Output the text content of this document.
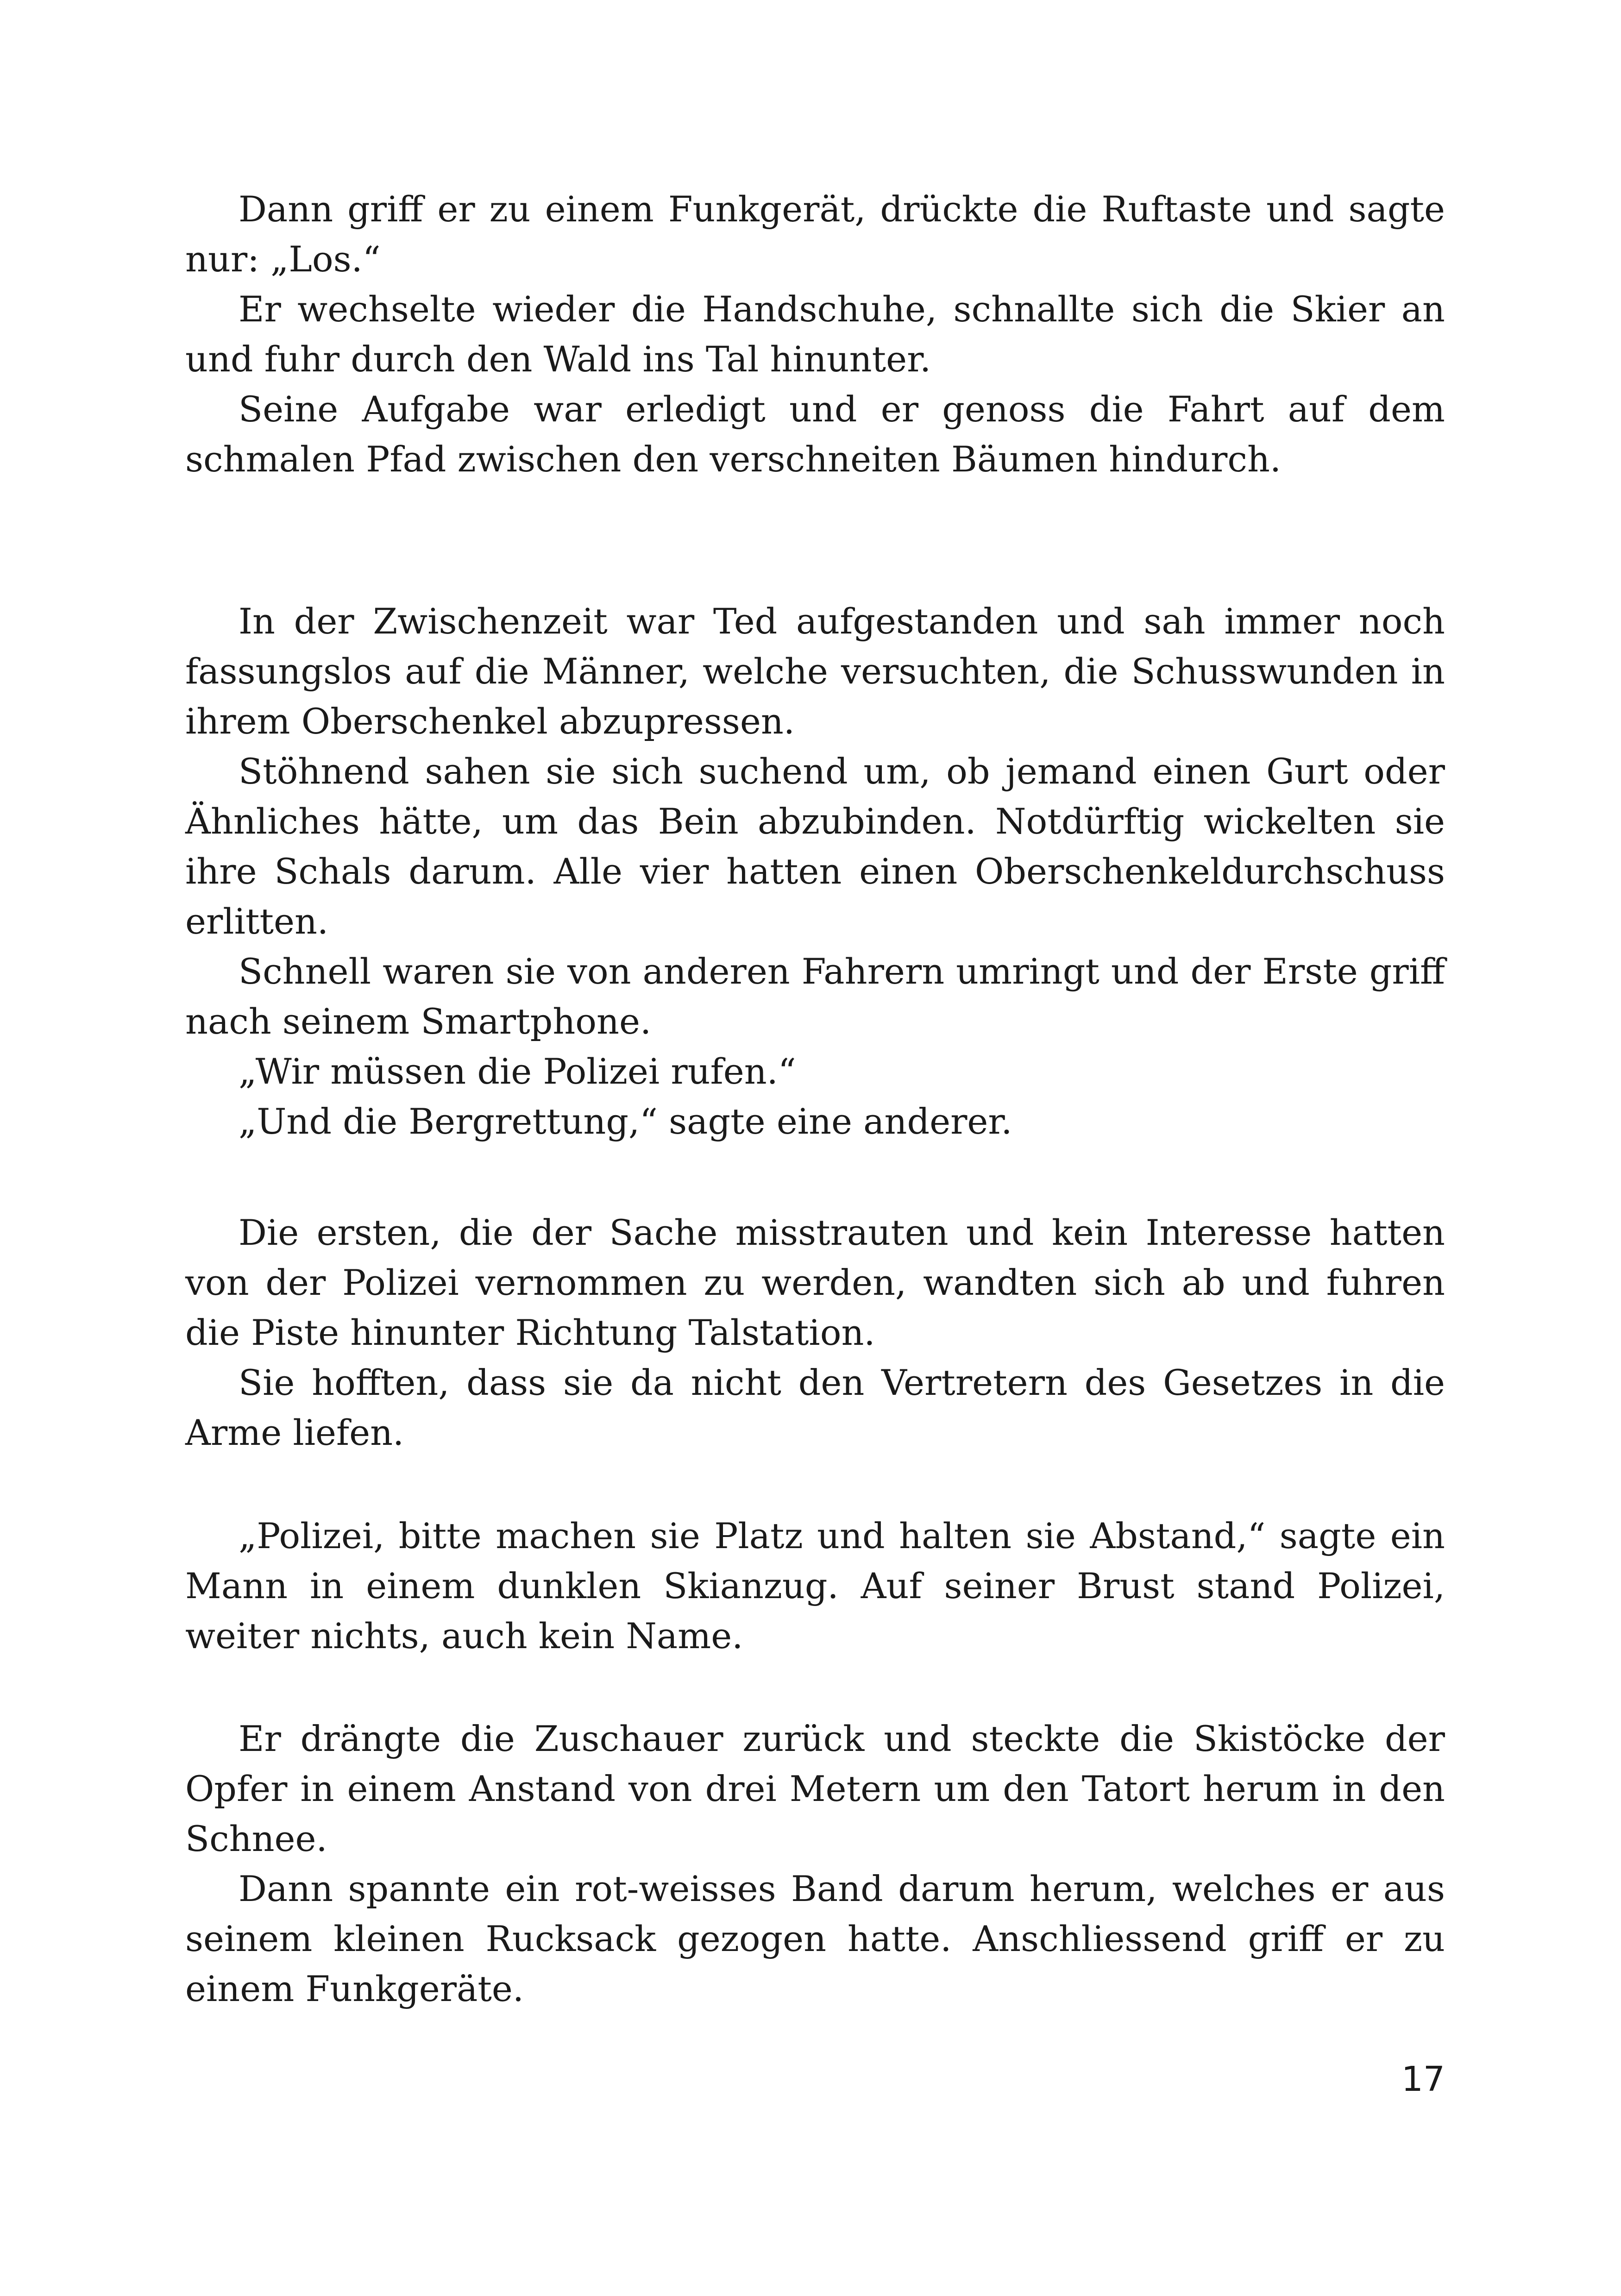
Dann griff er zu einem Funkgerät, drückte die Ruftaste und sagte nur: „Los.“

Er wechselte wieder die Handschuhe, schnallte sich die Skier an und fuhr durch den Wald ins Tal hinunter.

Seine Aufgabe war erledigt und er genoss die Fahrt auf dem schmalen Pfad zwischen den verschneiten Bäumen hindurch.

In der Zwischenzeit war Ted aufgestanden und sah immer noch fassungslos auf die Männer, welche versuchten, die Schusswunden in ihrem Oberschenkel abzupressen.

Stöhnend sahen sie sich suchend um, ob jemand einen Gurt oder Ähnliches hätte, um das Bein abzubinden. Notdürftig wickelten sie ihre Schals darum. Alle vier hatten einen Oberschenkeldurchschuss erlitten.

Schnell waren sie von anderen Fahrern umringt und der Erste griff nach seinem Smartphone.

„Wir müssen die Polizei rufen.“

„Und die Bergrettung,“ sagte eine anderer.

Die ersten, die der Sache misstrauten und kein Interesse hatten von der Polizei vernommen zu werden, wandten sich ab und fuhren die Piste hinunter Richtung Talstation.

Sie hofften, dass sie da nicht den Vertretern des Gesetzes in die Arme liefen.

„Polizei, bitte machen sie Platz und halten sie Abstand,“ sagte ein Mann in einem dunklen Skianzug. Auf seiner Brust stand Polizei, weiter nichts, auch kein Name.

Er drängte die Zuschauer zurück und steckte die Skistöcke der Opfer in einem Anstand von drei Metern um den Tatort herum in den Schnee.

Dann spannte ein rot-weisses Band darum herum, welches er aus seinem kleinen Rucksack gezogen hatte. Anschliessend griff er zu einem Funkgeräte.

17
